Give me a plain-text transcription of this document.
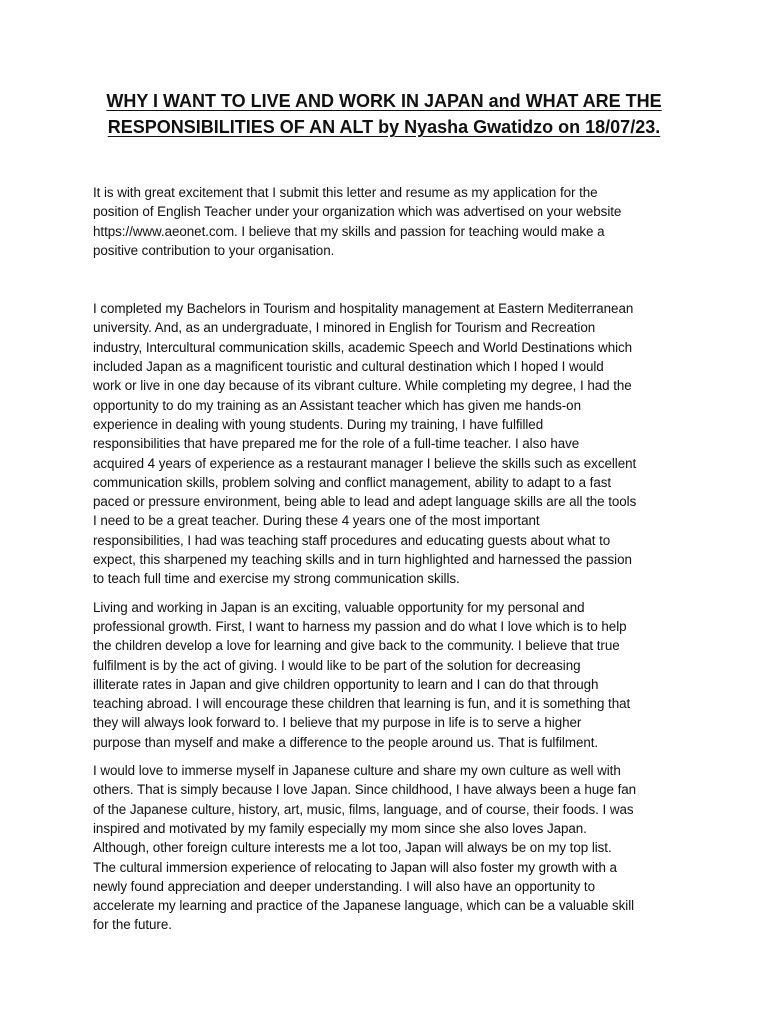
WHY I WANT TO LIVE AND WORK IN JAPAN and WHAT ARE THE
RESPONSIBILITIES OF AN ALT by Nyasha Gwatidzo on 18/07/23.
It is with great excitement that I submit this letter and resume as my application for the
position of English Teacher under your organization which was advertised on your website
https://www.aeonet.com. I believe that my skills and passion for teaching would make a
positive contribution to your organisation.
I completed my Bachelors in Tourism and hospitality management at Eastern Mediterranean
university. And, as an undergraduate, I minored in English for Tourism and Recreation
industry, Intercultural communication skills, academic Speech and World Destinations which
included Japan as a magnificent touristic and cultural destination which I hoped I would
work or live in one day because of its vibrant culture. While completing my degree, I had the
opportunity to do my training as an Assistant teacher which has given me hands-on
experience in dealing with young students. During my training, I have fulfilled
responsibilities that have prepared me for the role of a full-time teacher. I also have
acquired 4 years of experience as a restaurant manager I believe the skills such as excellent
communication skills, problem solving and conflict management, ability to adapt to a fast
paced or pressure environment, being able to lead and adept language skills are all the tools
I need to be a great teacher. During these 4 years one of the most important
responsibilities, I had was teaching staff procedures and educating guests about what to
expect, this sharpened my teaching skills and in turn highlighted and harnessed the passion
to teach full time and exercise my strong communication skills.
Living and working in Japan is an exciting, valuable opportunity for my personal and
professional growth. First, I want to harness my passion and do what I love which is to help
the children develop a love for learning and give back to the community. I believe that true
fulfilment is by the act of giving. I would like to be part of the solution for decreasing
illiterate rates in Japan and give children opportunity to learn and I can do that through
teaching abroad. I will encourage these children that learning is fun, and it is something that
they will always look forward to. I believe that my purpose in life is to serve a higher
purpose than myself and make a difference to the people around us. That is fulfilment.
I would love to immerse myself in Japanese culture and share my own culture as well with
others. That is simply because I love Japan. Since childhood, I have always been a huge fan
of the Japanese culture, history, art, music, films, language, and of course, their foods. I was
inspired and motivated by my family especially my mom since she also loves Japan.
Although, other foreign culture interests me a lot too, Japan will always be on my top list.
The cultural immersion experience of relocating to Japan will also foster my growth with a
newly found appreciation and deeper understanding. I will also have an opportunity to
accelerate my learning and practice of the Japanese language, which can be a valuable skill
for the future.
